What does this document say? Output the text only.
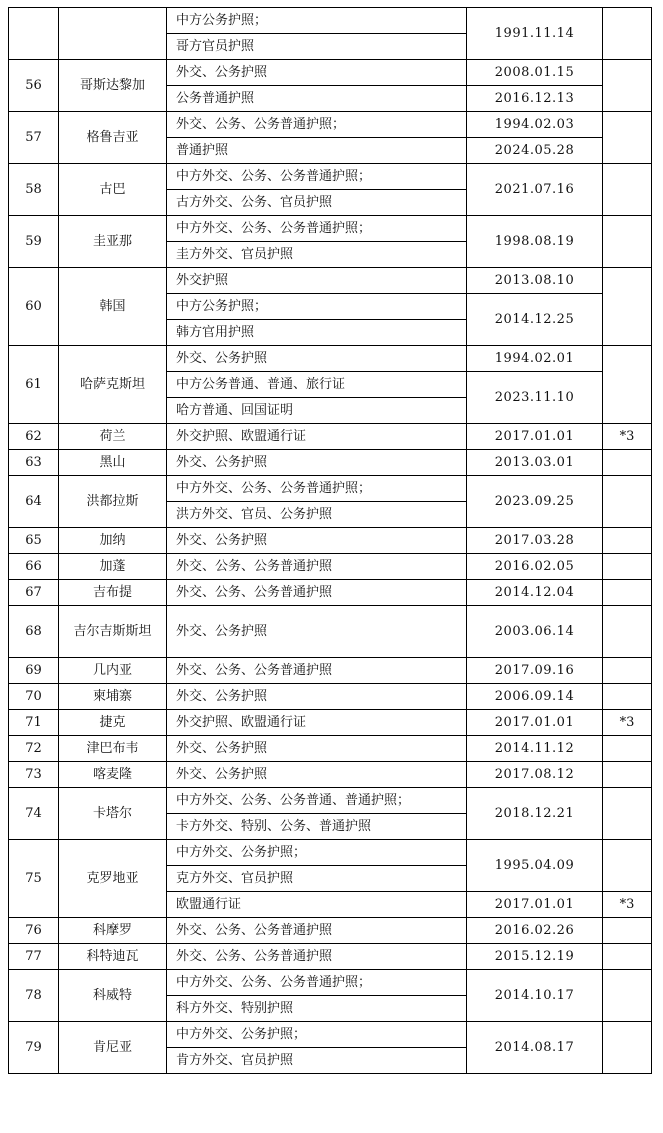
		中方公务护照；	1991.11.14	
		哥方官员护照		
56	哥斯达黎加	外交、公务护照	2008.01.15	
		公务普通护照	2016.12.13	
57	格鲁吉亚	外交、公务、公务普通护照；	1994.02.03	
		普通护照	2024.05.28	
58	古巴	中方外交、公务、公务普通护照；	2021.07.16	
		古方外交、公务、官员护照		
59	圭亚那	中方外交、公务、公务普通护照；	1998.08.19	
		圭方外交、官员护照		
60	韩国	外交护照	2013.08.10	
		中方公务护照；	2014.12.25	
		韩方官用护照		
61	哈萨克斯坦	外交、公务护照	1994.02.01	
		中方公务普通、普通、旅行证	2023.11.10	
		哈方普通、回国证明		
62	荷兰	外交护照、欧盟通行证	2017.01.01	*3
63	黑山	外交、公务护照	2013.03.01	
64	洪都拉斯	中方外交、公务、公务普通护照；	2023.09.25	
		洪方外交、官员、公务护照		
65	加纳	外交、公务护照	2017.03.28	
66	加蓬	外交、公务、公务普通护照	2016.02.05	
67	吉布提	外交、公务、公务普通护照	2014.12.04	
68	吉尔吉斯斯坦	外交、公务护照	2003.06.14	
69	几内亚	外交、公务、公务普通护照	2017.09.16	
70	柬埔寨	外交、公务护照	2006.09.14	
71	捷克	外交护照、欧盟通行证	2017.01.01	*3
72	津巴布韦	外交、公务护照	2014.11.12	
73	喀麦隆	外交、公务护照	2017.08.12	
74	卡塔尔	中方外交、公务、公务普通、普通护照；	2018.12.21	
		卡方外交、特别、公务、普通护照		
75	克罗地亚	中方外交、公务护照；	1995.04.09	
		克方外交、官员护照		
		欧盟通行证	2017.01.01	*3
76	科摩罗	外交、公务、公务普通护照	2016.02.26	
77	科特迪瓦	外交、公务、公务普通护照	2015.12.19	
78	科威特	中方外交、公务、公务普通护照；	2014.10.17	
		科方外交、特别护照		
79	肯尼亚	中方外交、公务护照；	2014.08.17	
		肯方外交、官员护照		
